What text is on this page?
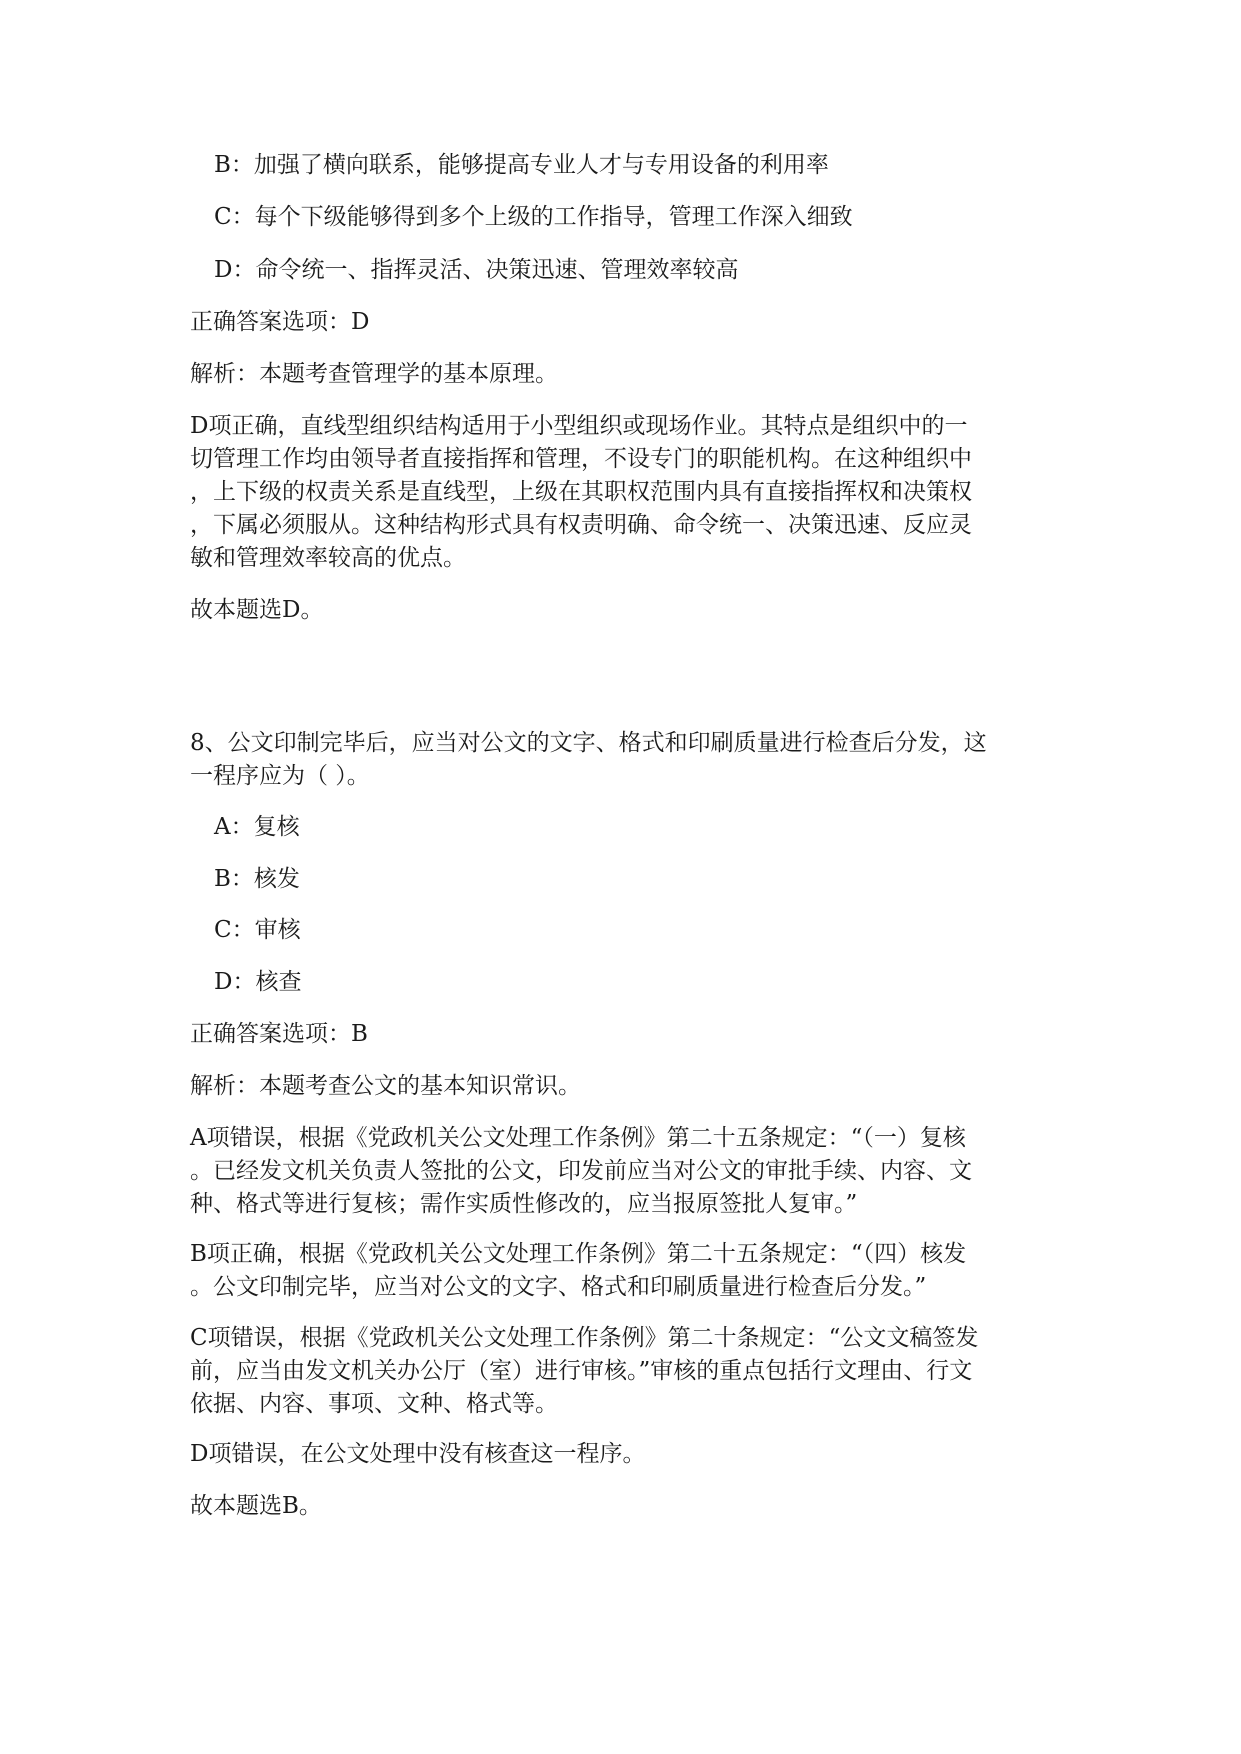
B：加强了横向联系，能够提高专业人才与专用设备的利用率
C：每个下级能够得到多个上级的工作指导，管理工作深入细致
D：命令统一、指挥灵活、决策迅速、管理效率较高
正确答案选项：D
解析：本题考查管理学的基本原理。
D项正确，直线型组织结构适用于小型组织或现场作业。其特点是组织中的一
切管理工作均由领导者直接指挥和管理，不设专门的职能机构。在这种组织中
，上下级的权责关系是直线型，上级在其职权范围内具有直接指挥权和决策权
，下属必须服从。这种结构形式具有权责明确、命令统一、决策迅速、反应灵
敏和管理效率较高的优点。
故本题选D。
8、公文印制完毕后，应当对公文的文字、格式和印刷质量进行检查后分发，这
一程序应为（ ）。
A：复核
B：核发
C：审核
D：核查
正确答案选项：B
解析：本题考查公文的基本知识常识。
A项错误，根据《党政机关公文处理工作条例》第二十五条规定：“（一）复核
。已经发文机关负责人签批的公文，印发前应当对公文的审批手续、内容、文
种、格式等进行复核；需作实质性修改的，应当报原签批人复审。”
B项正确，根据《党政机关公文处理工作条例》第二十五条规定：“（四）核发
。公文印制完毕，应当对公文的文字、格式和印刷质量进行检查后分发。”
C项错误，根据《党政机关公文处理工作条例》第二十条规定：“公文文稿签发
前，应当由发文机关办公厅（室）进行审核。”审核的重点包括行文理由、行文
依据、内容、事项、文种、格式等。
D项错误，在公文处理中没有核查这一程序。
故本题选B。
